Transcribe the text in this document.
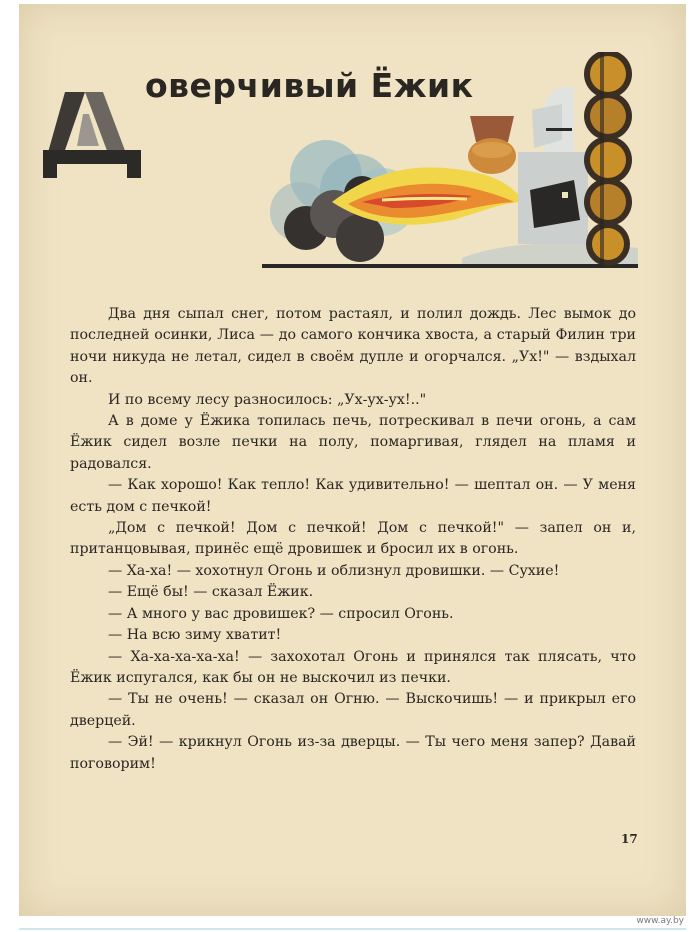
оверчивый Ёжик

Два дня сыпал снег, потом растаял, и полил дождь. Лес вымок до последней осинки, Лиса — до самого кончика хвоста, а старый Филин три ночи никуда не летал, сидел в своём дупле и огорчался. „Ух!" — вздыхал он.

И по всему лесу разносилось: „Ух-ух-ух!.."

А в доме у Ёжика топилась печь, потрескивал в печи огонь, а сам Ёжик сидел возле печки на полу, помаргивая, глядел на пламя и радовался.

— Как хорошо! Как тепло! Как удивительно! — шептал он. — У меня есть дом с печкой!

„Дом с печкой! Дом с печкой! Дом с печкой!" — запел он и, пританцовывая, принёс ещё дровишек и бросил их в огонь.

— Ха-ха! — хохотнул Огонь и облизнул дровишки. — Сухие!

— Ещё бы! — сказал Ёжик.

— А много у вас дровишек? — спросил Огонь.

— На всю зиму хватит!

— Ха-ха-ха-ха-ха! — захохотал Огонь и принялся так плясать, что Ёжик испугался, как бы он не выскочил из печки.

— Ты не очень! — сказал он Огню. — Выскочишь! — и прикрыл его дверцей.

— Эй! — крикнул Огонь из-за дверцы. — Ты чего меня запер? Давай поговорим!

17
www.ay.by
